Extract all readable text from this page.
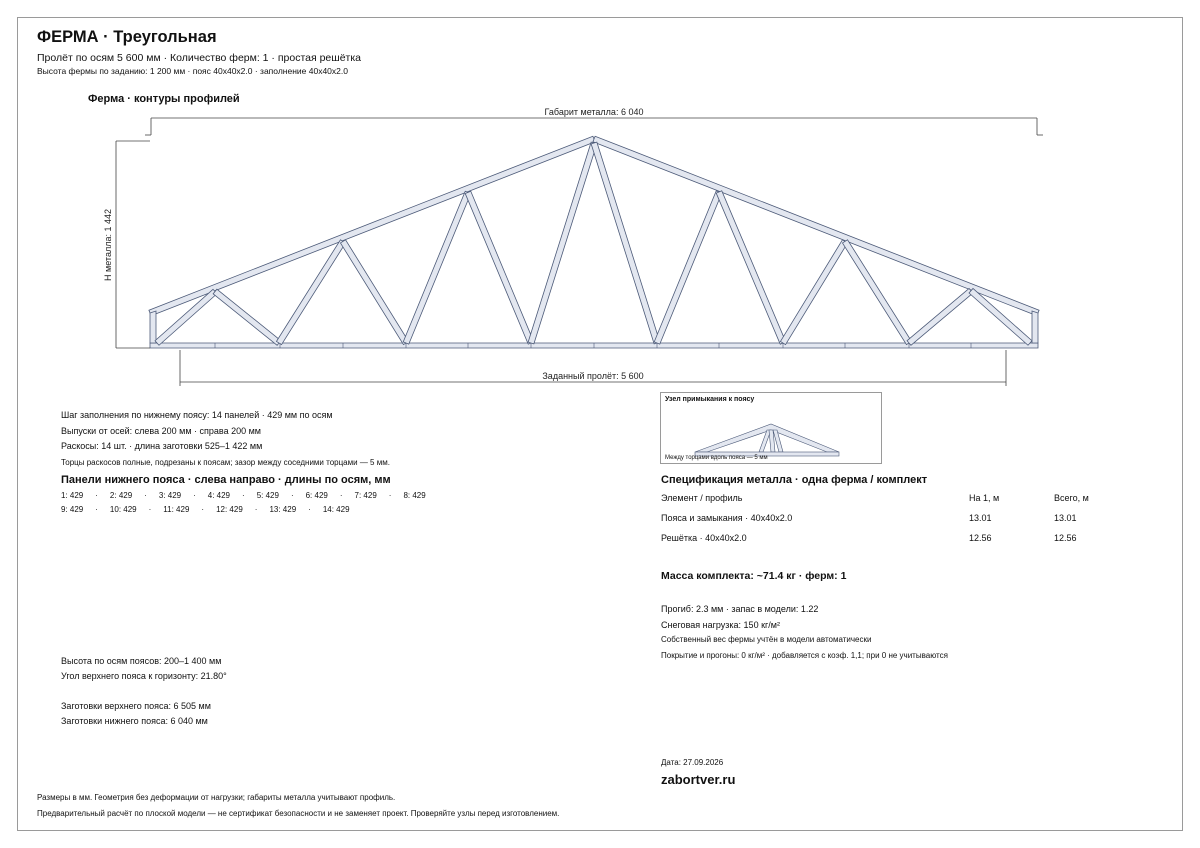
ФЕРМА · Треугольная
Пролёт по осям 5 600 мм · Количество ферм: 1 · простая решётка
Высота фермы по заданию: 1 200 мм · пояс 40x40x2.0 · заполнение 40x40x2.0
Ферма · контуры профилей
Габарит металла: 6 040
Н металла: 1 442
Заданный пролёт: 5 600
Шаг заполнения по нижнему поясу: 14 панелей · 429 мм по осям
Выпуски от осей: слева 200 мм · справа 200 мм
Раскосы: 14 шт. · длина заготовки 525–1 422 мм
Торцы раскосов полные, подрезаны к поясам; зазор между соседними торцами — 5 мм.
Панели нижнего пояса · слева направо · длины по осям, мм
1: 429 · 2: 429 · 3: 429 · 4: 429 · 5: 429 · 6: 429 · 7: 429 · 8: 429
9: 429 · 10: 429 · 11: 429 · 12: 429 · 13: 429 · 14: 429
Высота по осям поясов: 200–1 400 мм
Угол верхнего пояса к горизонту: 21.80°
Заготовки верхнего пояса: 6 505 мм
Заготовки нижнего пояса: 6 040 мм
Узел примыкания к поясу
Между торцами вдоль пояса — 5 мм
Спецификация металла · одна ферма / комплект
Элемент / профиль	На 1, м	Всего, м
Пояса и замыкания · 40x40x2.0	13.01	13.01
Решётка · 40x40x2.0	12.56	12.56
Масса комплекта: ~71.4 кг · ферм: 1
Прогиб: 2.3 мм · запас в модели: 1.22
Снеговая нагрузка: 150 кг/м²
Собственный вес фермы учтён в модели автоматически
Покрытие и прогоны: 0 кг/м² · добавляется с коэф. 1,1; при 0 не учитываются
Дата: 27.09.2026
zabortver.ru
Размеры в мм. Геометрия без деформации от нагрузки; габариты металла учитывают профиль.
Предварительный расчёт по плоской модели — не сертификат безопасности и не заменяет проект. Проверяйте узлы перед изготовлением.
